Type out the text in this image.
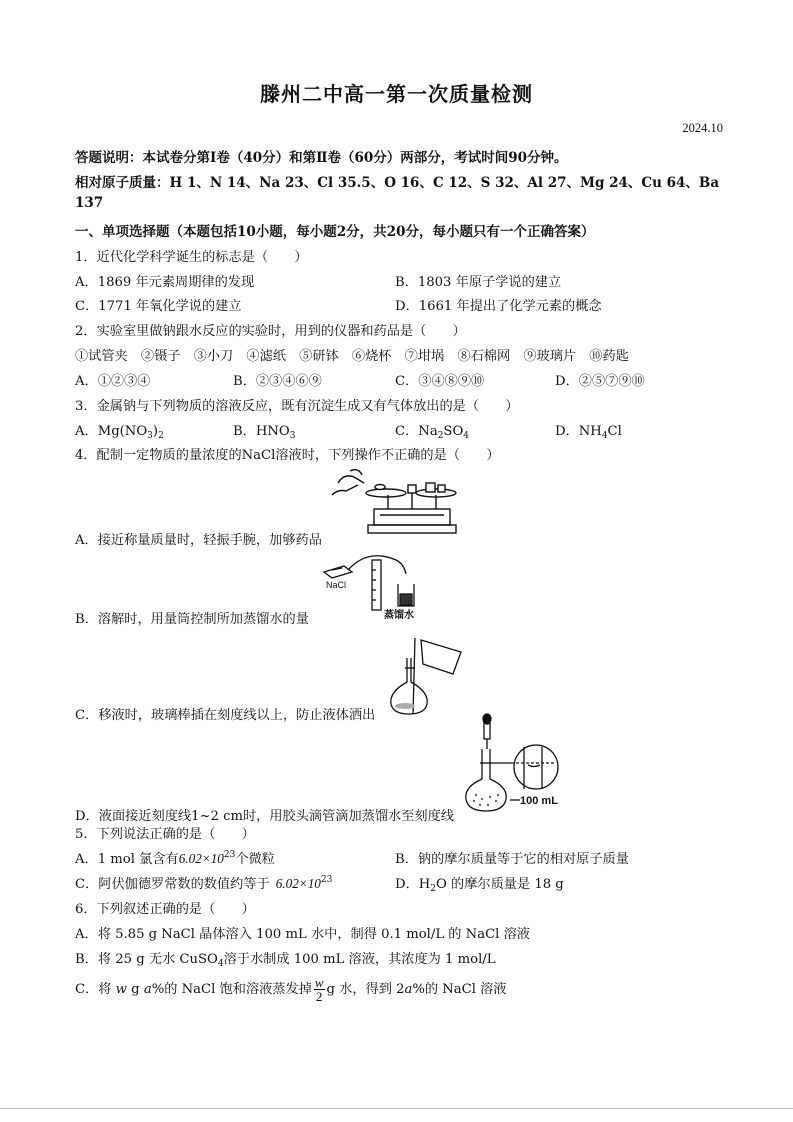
滕州二中高一第一次质量检测
2024.10
答题说明：本试卷分第Ⅰ卷（40分）和第Ⅱ卷（60分）两部分，考试时间90分钟。
相对原子质量：H 1、N 14、Na 23、Cl 35.5、O 16、C 12、S 32、Al 27、Mg 24、Cu 64、Ba
137
一、单项选择题（本题包括10小题，每小题2分，共20分，每小题只有一个正确答案）
1．近代化学科学诞生的标志是（　　）
A．1869 年元素周期律的发现	B．1803 年原子学说的建立
C．1771 年氧化学说的建立	D．1661 年提出了化学元素的概念
2．实验室里做钠跟水反应的实验时，用到的仪器和药品是（　　）
①试管夹　②镊子　③小刀　④滤纸　⑤研钵　⑥烧杯　⑦坩埚　⑧石棉网　⑨玻璃片　⑩药匙
A．①②③④	B．②③④⑥⑨	C．③④⑧⑨⑩	D．②⑤⑦⑨⑩
3．金属钠与下列物质的溶液反应，既有沉淀生成又有气体放出的是（　　）
A．$Mg(NO_3)_2$	B．$HNO_3$	C．$Na_2SO_4$	D．$NH_4Cl$
4．配制一定物质的量浓度的NaCl溶液时，下列操作不正确的是（　　）
A．接近称量质量时，轻振手腕，加够药品
NaCl
蒸馏水
B．溶解时，用量筒控制所加蒸馏水的量
C．移液时，玻璃棒插在刻度线以上，防止液体洒出
100 mL
D．液面接近刻度线1~2 cm时，用胶头滴管滴加蒸馏水至刻度线
5．下列说法正确的是（　　）
A．1 mol 氯含有$6.02\times 10^{23}$个微粒	B．钠的摩尔质量等于它的相对原子质量
C．阿伏伽德罗常数的数值约等于 $6.02\times 10^{23}$	D．$H_2O$ 的摩尔质量是 18 g
6．下列叙述正确的是（　　）
A．将 5.85 g NaCl 晶体溶入 100 mL 水中，制得 0.1 mol/L 的 NaCl 溶液
B．将 25 g 无水 CuSO$_4$溶于水制成 100 mL 溶液，其浓度为 1 mol/L
C．将 w g a%的 NaCl 饱和溶液蒸发掉 $\frac{w}{2}$ g 水，得到 2a%的 NaCl 溶液
